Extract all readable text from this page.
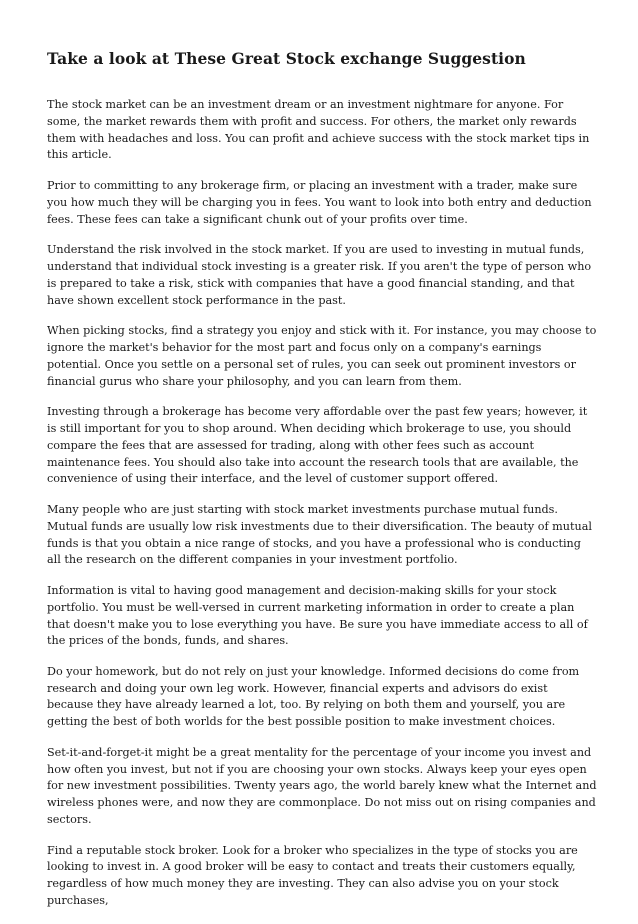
Take a look at These Great Stock exchange Suggestion

The stock market can be an investment dream or an investment nightmare for anyone. For some, the market rewards them with profit and success. For others, the market only rewards them with headaches and loss. You can profit and achieve success with the stock market tips in this article.

Prior to committing to any brokerage firm, or placing an investment with a trader, make sure you how much they will be charging you in fees. You want to look into both entry and deduction fees. These fees can take a significant chunk out of your profits over time.

Understand the risk involved in the stock market. If you are used to investing in mutual funds, understand that individual stock investing is a greater risk. If you aren't the type of person who is prepared to take a risk, stick with companies that have a good financial standing, and that have shown excellent stock performance in the past.

When picking stocks, find a strategy you enjoy and stick with it. For instance, you may choose to ignore the market's behavior for the most part and focus only on a company's earnings potential. Once you settle on a personal set of rules, you can seek out prominent investors or financial gurus who share your philosophy, and you can learn from them.

Investing through a brokerage has become very affordable over the past few years; however, it is still important for you to shop around. When deciding which brokerage to use, you should compare the fees that are assessed for trading, along with other fees such as account maintenance fees. You should also take into account the research tools that are available, the convenience of using their interface, and the level of customer support offered.

Many people who are just starting with stock market investments purchase mutual funds. Mutual funds are usually low risk investments due to their diversification. The beauty of mutual funds is that you obtain a nice range of stocks, and you have a professional who is conducting all the research on the different companies in your investment portfolio.

Information is vital to having good management and decision-making skills for your stock portfolio. You must be well-versed in current marketing information in order to create a plan that doesn't make you to lose everything you have. Be sure you have immediate access to all of the prices of the bonds, funds, and shares.

Do your homework, but do not rely on just your knowledge. Informed decisions do come from research and doing your own leg work. However, financial experts and advisors do exist because they have already learned a lot, too. By relying on both them and yourself, you are getting the best of both worlds for the best possible position to make investment choices.

Set-it-and-forget-it might be a great mentality for the percentage of your income you invest and how often you invest, but not if you are choosing your own stocks. Always keep your eyes open for new investment possibilities. Twenty years ago, the world barely knew what the Internet and wireless phones were, and now they are commonplace. Do not miss out on rising companies and sectors.

Find a reputable stock broker. Look for a broker who specializes in the type of stocks you are looking to invest in. A good broker will be easy to contact and treats their customers equally, regardless of how much money they are investing. They can also advise you on your stock purchases,
